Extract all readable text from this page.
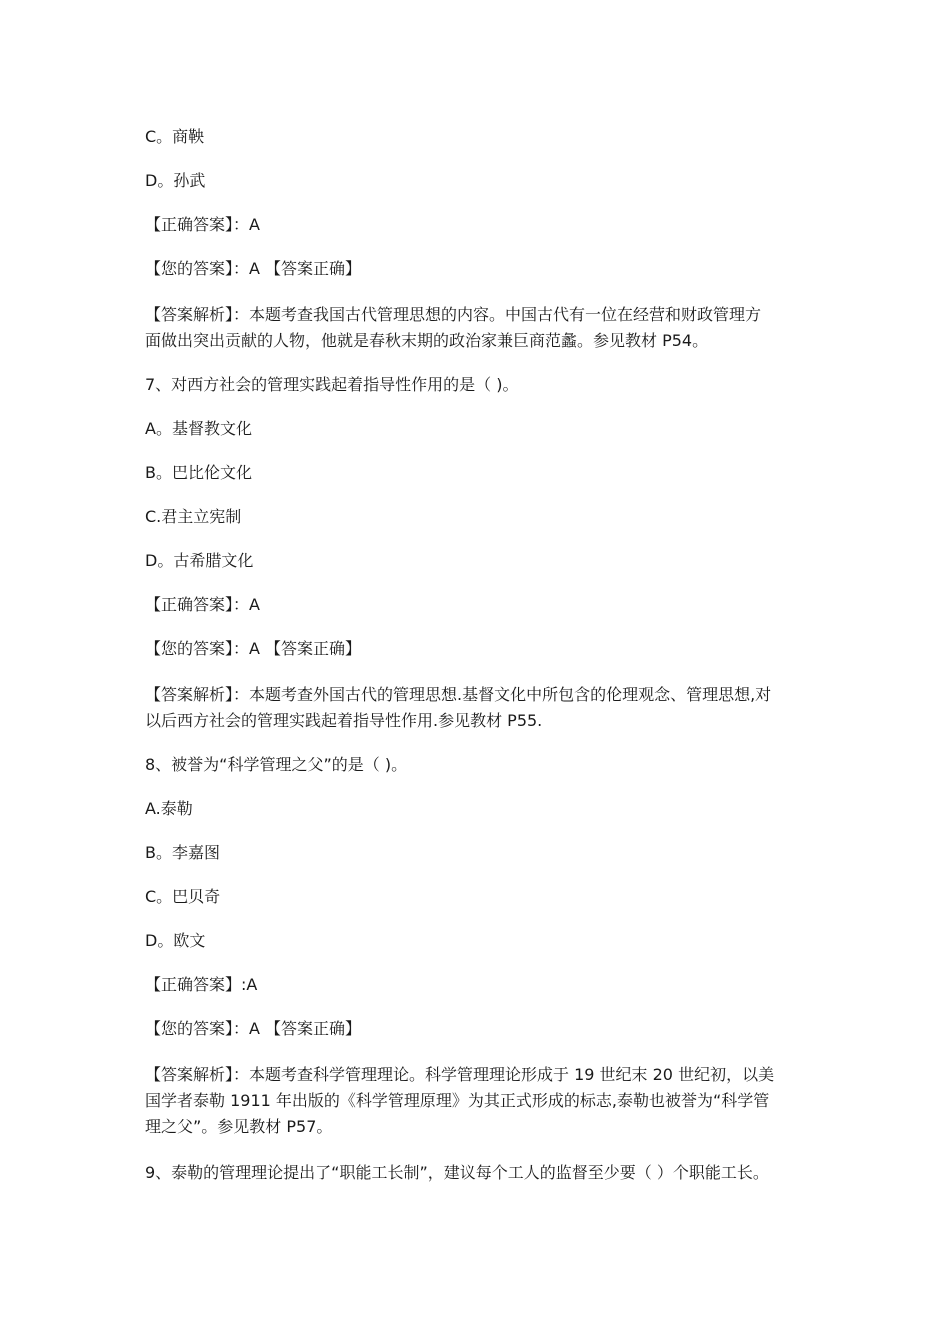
C。商鞅
D。孙武
【正确答案】：A
【您的答案】：A 【答案正确】
【答案解析】：本题考查我国古代管理思想的内容。中国古代有一位在经营和财政管理方
面做出突出贡献的人物，他就是春秋末期的政治家兼巨商范蠡。参见教材 P54。
7、对西方社会的管理实践起着指导性作用的是（ )。
A。基督教文化
B。巴比伦文化
C.君主立宪制
D。古希腊文化
【正确答案】：A
【您的答案】：A 【答案正确】
【答案解析】：本题考查外国古代的管理思想.基督文化中所包含的伦理观念、管理思想,对
以后西方社会的管理实践起着指导性作用.参见教材 P55.
8、被誉为“科学管理之父”的是（ )。
A.泰勒
B。李嘉图
C。巴贝奇
D。欧文
【正确答案】:A
【您的答案】：A 【答案正确】
【答案解析】：本题考查科学管理理论。科学管理理论形成于 19 世纪末 20 世纪初，以美
国学者泰勒 1911 年出版的《科学管理原理》为其正式形成的标志,泰勒也被誉为“科学管
理之父”。参见教材 P57。
9、泰勒的管理理论提出了“职能工长制”，建议每个工人的监督至少要（ ）个职能工长。
